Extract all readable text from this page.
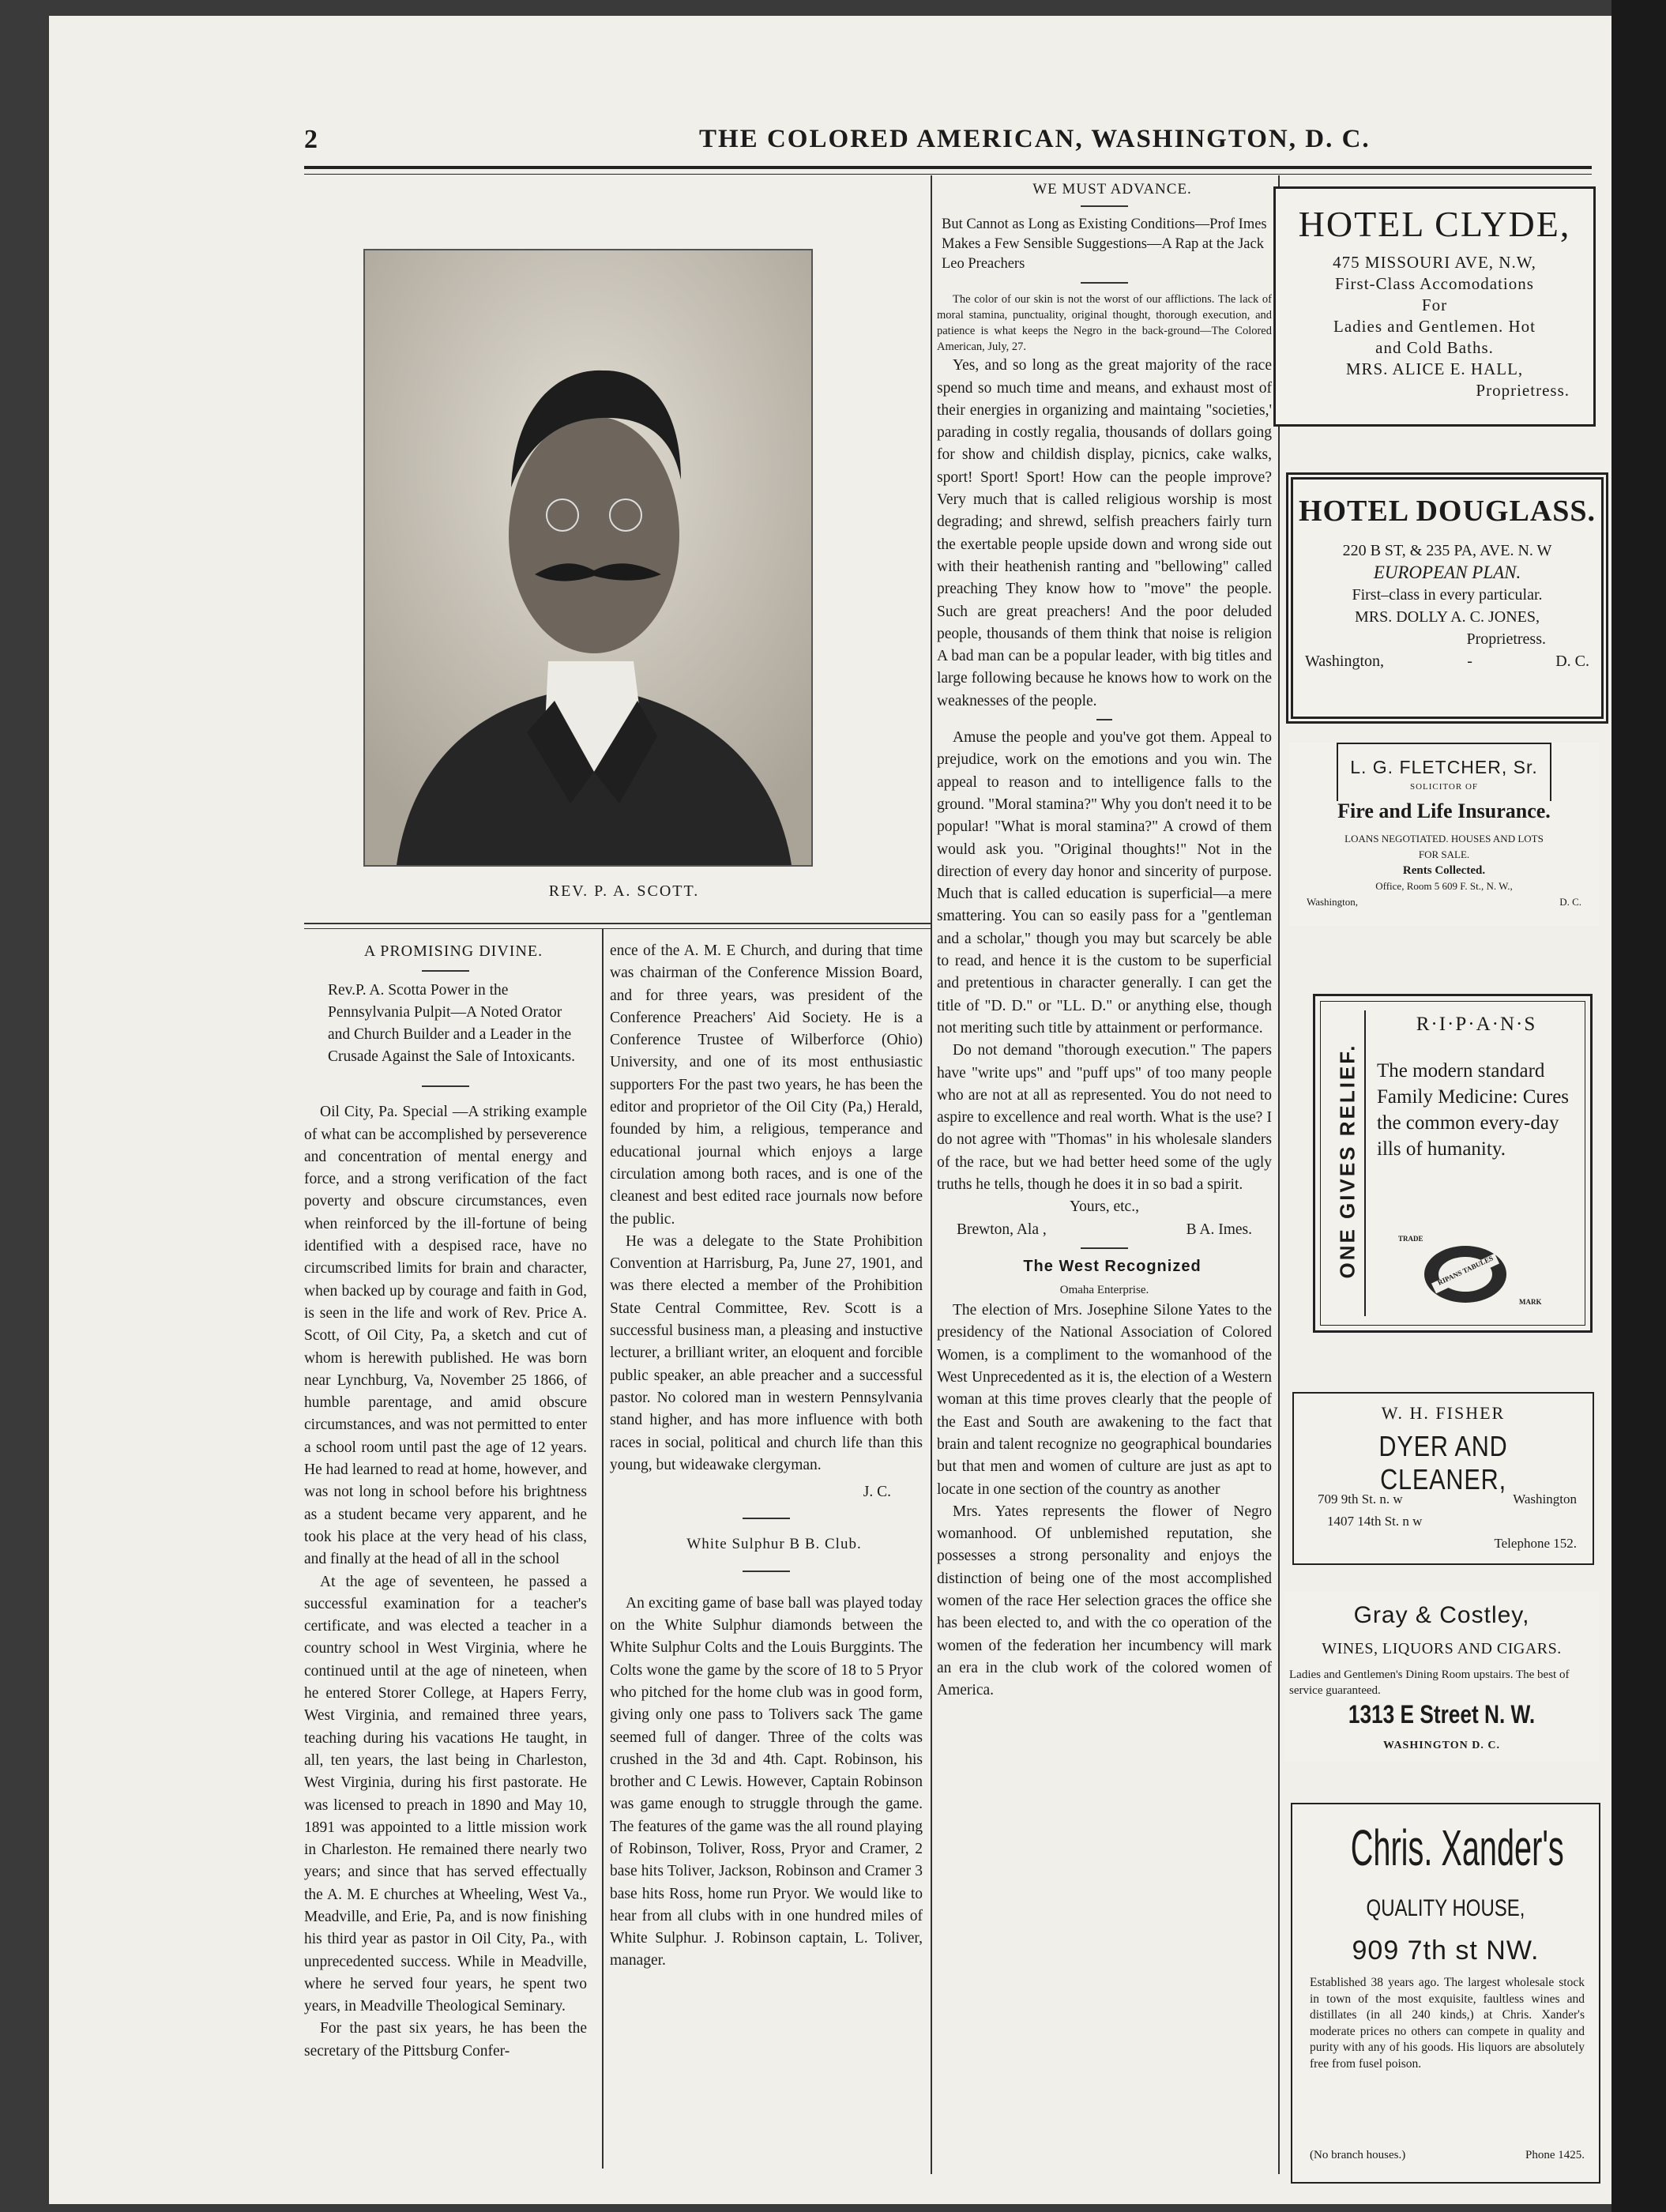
2	THE COLORED AMERICAN, WASHINGTON, D. C.
REV. P. A. SCOTT.

A PROMISING DIVINE.

Rev.P. A. Scotta Power in the Pennsylvania Pulpit—A Noted Orator and Church Builder and a Leader in the Crusade Against the Sale of Intoxicants.

Oil City, Pa. Special —A striking example of what can be accomplished by perseverence and concentration of mental energy and force, and a strong verification of the fact poverty and obscure circumstances, even when reinforced by the ill-fortune of being identified with a despised race, have no circumscribed limits for brain and character, when backed up by courage and faith in God, is seen in the life and work of Rev. Price A. Scott, of Oil City, Pa, a sketch and cut of whom is herewith published. He was born near Lynchburg, Va, November 25 1866, of humble parentage, and amid obscure circumstances, and was not permitted to enter a school room until past the age of 12 years. He had learned to read at home, however, and was not long in school before his brightness as a student became very apparent, and he took his place at the very head of his class, and finally at the head of all in the school

At the age of seventeen, he passed a successful examination for a teacher's certificate, and was elected a teacher in a country school in West Virginia, where he continued until at the age of nineteen, when he entered Storer College, at Hapers Ferry, West Virginia, and remained three years, teaching during his vacations He taught, in all, ten years, the last being in Charleston, West Virginia, during his first pastorate. He was licensed to preach in 1890 and May 10, 1891 was appointed to a little mission work in Charleston. He remained there nearly two years; and since that has served effectually the A. M. E churches at Wheeling, West Va., Meadville, and Erie, Pa, and is now finishing his third year as pastor in Oil City, Pa., with unprecedented success. While in Meadville, where he served four years, he spent two years, in Meadville Theological Seminary.

For the past six years, he has been the secretary of the Pittsburg Confer-

ence of the A. M. E Church, and during that time was chairman of the Conference Mission Board, and for three years, was president of the Conference Preachers' Aid Society. He is a Conference Trustee of Wilberforce (Ohio) University, and one of its most enthusiastic supporters For the past two years, he has been the editor and proprietor of the Oil City (Pa,) Herald, founded by him, a religious, temperance and educational journal which enjoys a large circulation among both races, and is one of the cleanest and best edited race journals now before the public.

He was a delegate to the State Prohibition Convention at Harrisburg, Pa, June 27, 1901, and was there elected a member of the Prohibition State Central Committee, Rev. Scott is a successful business man, a pleasing and instuctive lecturer, a brilliant writer, an eloquent and forcible public speaker, an able preacher and a successful pastor. No colored man in western Pennsylvania stand higher, and has more influence with both races in social, political and church life than this young, but wideawake clergyman.

J. C.

White Sulphur B B. Club.

An exciting game of base ball was played today on the White Sulphur diamonds between the White Sulphur Colts and the Louis Burggints. The Colts wone the game by the score of 18 to 5 Pryor who pitched for the home club was in good form, giving only one pass to Tolivers sack The game seemed full of danger. Three of the colts was crushed in the 3d and 4th. Capt. Robinson, his brother and C Lewis. However, Captain Robinson was game enough to struggle through the game. The features of the game was the all round playing of Robinson, Toliver, Ross, Pryor and Cramer, 2 base hits Toliver, Jackson, Robinson and Cramer 3 base hits Ross, home run Pryor. We would like to hear from all clubs with in one hundred miles of White Sulphur. J. Robinson captain, L. Toliver, manager.

WE MUST ADVANCE.

But Cannot as Long as Existing Conditions—Prof Imes Makes a Few Sensible Suggestions—A Rap at the Jack Leo Preachers

The color of our skin is not the worst of our afflictions. The lack of moral stamina, punctuality, original thought, thorough execution, and patience is what keeps the Negro in the back-ground—The Colored American, July, 27.

Yes, and so long as the great majority of the race spend so much time and means, and exhaust most of their energies in organizing and maintaing "societies,' parading in costly regalia, thousands of dollars going for show and childish display, picnics, cake walks, sport! Sport! Sport! How can the people improve? Very much that is called religious worship is most degrading; and shrewd, selfish preachers fairly turn the exertable people upside down and wrong side out with their heathenish ranting and "bellowing" called preaching They know how to "move" the people. Such are great preachers! And the poor deluded people, thousands of them think that noise is religion A bad man can be a popular leader, with big titles and large following because he knows how to work on the weaknesses of the people.

Amuse the people and you've got them. Appeal to prejudice, work on the emotions and you win. The appeal to reason and to intelligence falls to the ground. "Moral stamina?" Why you don't need it to be popular! "What is moral stamina?" A crowd of them would ask you. "Original thoughts!" Not in the direction of every day honor and sincerity of purpose. Much that is called education is superficial—a mere smattering. You can so easily pass for a "gentleman and a scholar," though you may but scarcely be able to read, and hence it is the custom to be superficial and pretentious in character generally. I can get the title of "D. D." or "LL. D." or anything else, though not meriting such title by attainment or performance.

Do not demand "thorough execution." The papers have "write ups" and "puff ups" of too many people who are not at all as represented. You do not need to aspire to excellence and real worth. What is the use? I do not agree with "Thomas" in his wholesale slanders of the race, but we had better heed some of the ugly truths he tells, though he does it in so bad a spirit.

Yours, etc.,

Brewton, Ala ,	B A. Imes.

The West Recognized

Omaha Enterprise.

The election of Mrs. Josephine Silone Yates to the presidency of the National Association of Colored Women, is a compliment to the womanhood of the West Unprecedented as it is, the election of a Western woman at this time proves clearly that the people of the East and South are awakening to the fact that brain and talent recognize no geographical boundaries but that men and women of culture are just as apt to locate in one section of the country as another

Mrs. Yates represents the flower of Negro womanhood. Of unblemished reputation, she possesses a strong personality and enjoys the distinction of being one of the most accomplished women of the race Her selection graces the office she has been elected to, and with the co operation of the women of the federation her incumbency will mark an era in the club work of the colored women of America.

HOTEL CLYDE,
475 MISSOURI AVE, N.W,
First-Class Accomodations
For
Ladies and Gentlemen. Hot
and Cold Baths.
MRS. ALICE E. HALL,
Proprietress.
HOTEL DOUGLASS.
220 B ST, & 235 PA, AVE. N. W
EUROPEAN PLAN.
First–class in every particular.
MRS. DOLLY A. C. JONES,
Proprietress.
Washington,	-	D. C.
L. G. FLETCHER, Sr.
SOLICITOR OF
Fire and Life Insurance.
LOANS NEGOTIATED. HOUSES AND LOTS
FOR SALE.
Rents Collected.
Office, Room 5 609 F. St., N. W.,
Washington,	D. C.
ONE GIVES RELIEF.
R·I·P·A·N·S
The modern standard Family Medicine: Cures the common every-day ills of humanity.
TRADE
RIPANS TABULES
MARK
W. H. FISHER
DYER AND CLEANER,
709 9th St. n. w	Washington
1407 14th St. n w
Telephone 152.
Gray & Costley,
WINES, LIQUORS AND CIGARS.
Ladies and Gentlemen's Dining Room upstairs. The best of service guaranteed.
1313 E Street N. W.
WASHINGTON D. C.
Chris. Xander's
QUALITY HOUSE,
909 7th st NW.
Established 38 years ago. The largest wholesale stock in town of the most exquisite, faultless wines and distillates (in all 240 kinds,) at Chris. Xander's moderate prices no others can compete in quality and purity with any of his goods. His liquors are absolutely free from fusel poison.
(No branch houses.)	Phone 1425.
